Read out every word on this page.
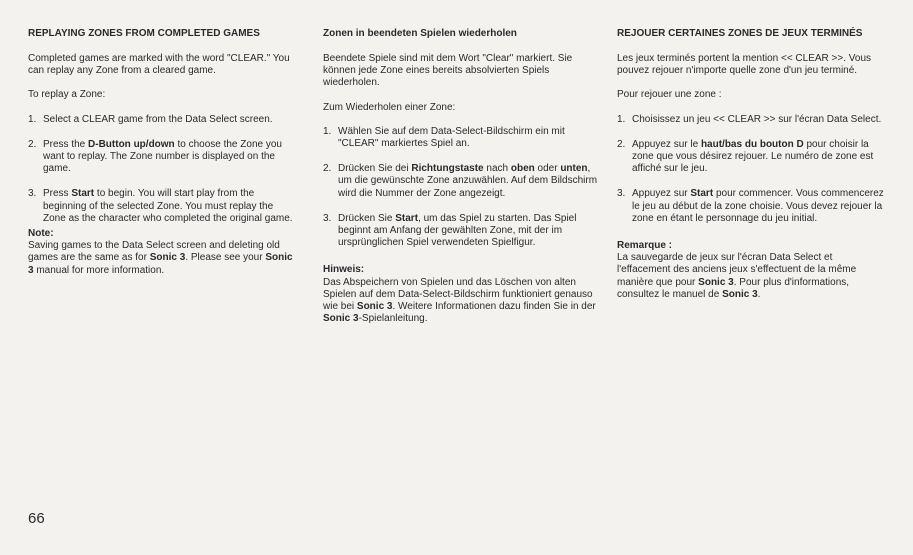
REPLAYING ZONES FROM COMPLETED GAMES

Completed games are marked with the word "CLEAR." You can replay any Zone from a cleared game.

To replay a Zone:

1. Select a CLEAR game from the Data Select screen.
2. Press the D-Button up/down to choose the Zone you want to replay. The Zone number is displayed on the game.
3. Press Start to begin. You will start play from the beginning of the selected Zone. You must replay the Zone as the character who completed the original game.

Note:

Saving games to the Data Select screen and deleting old games are the same as for Sonic 3. Please see your Sonic 3 manual for more information.

Zonen in beendeten Spielen wiederholen

Beendete Spiele sind mit dem Wort "Clear" markiert. Sie können jede Zone eines bereits absolvierten Spiels wiederholen.

Zum Wiederholen einer Zone:

1. Wählen Sie auf dem Data-Select-Bildschirm ein mit "CLEAR" markiertes Spiel an.
2. Drücken Sie dei Richtungstaste nach oben oder unten, um die gewünschte Zone anzuwählen. Auf dem Bildschirm wird die Nummer der Zone angezeigt.
3. Drücken Sie Start, um das Spiel zu starten. Das Spiel beginnt am Anfang der gewählten Zone, mit der im ursprünglichen Spiel verwendeten Spielfigur.

Hinweis:

Das Abspeichern von Spielen und das Löschen von alten Spielen auf dem Data-Select-Bildschirm funktioniert genauso wie bei Sonic 3. Weitere Informationen dazu finden Sie in der Sonic 3-Spielanleitung.

REJOUER CERTAINES ZONES DE JEUX TERMINÉS

Les jeux terminés portent la mention << CLEAR >>. Vous pouvez rejouer n'importe quelle zone d'un jeu terminé.

Pour rejouer une zone :

1. Choisissez un jeu << CLEAR >> sur l'écran Data Select.
2. Appuyez sur le haut/bas du bouton D pour choisir la zone que vous désirez rejouer. Le numéro de zone est affiché sur le jeu.
3. Appuyez sur Start pour commencer. Vous commencerez le jeu au début de la zone choisie. Vous devez rejouer la zone en étant le personnage du jeu initial.

Remarque :

La sauvegarde de jeux sur l'écran Data Select et l'effacement des anciens jeux s'effectuent de la même manière que pour Sonic 3. Pour plus d'informations, consultez le manuel de Sonic 3.

66
